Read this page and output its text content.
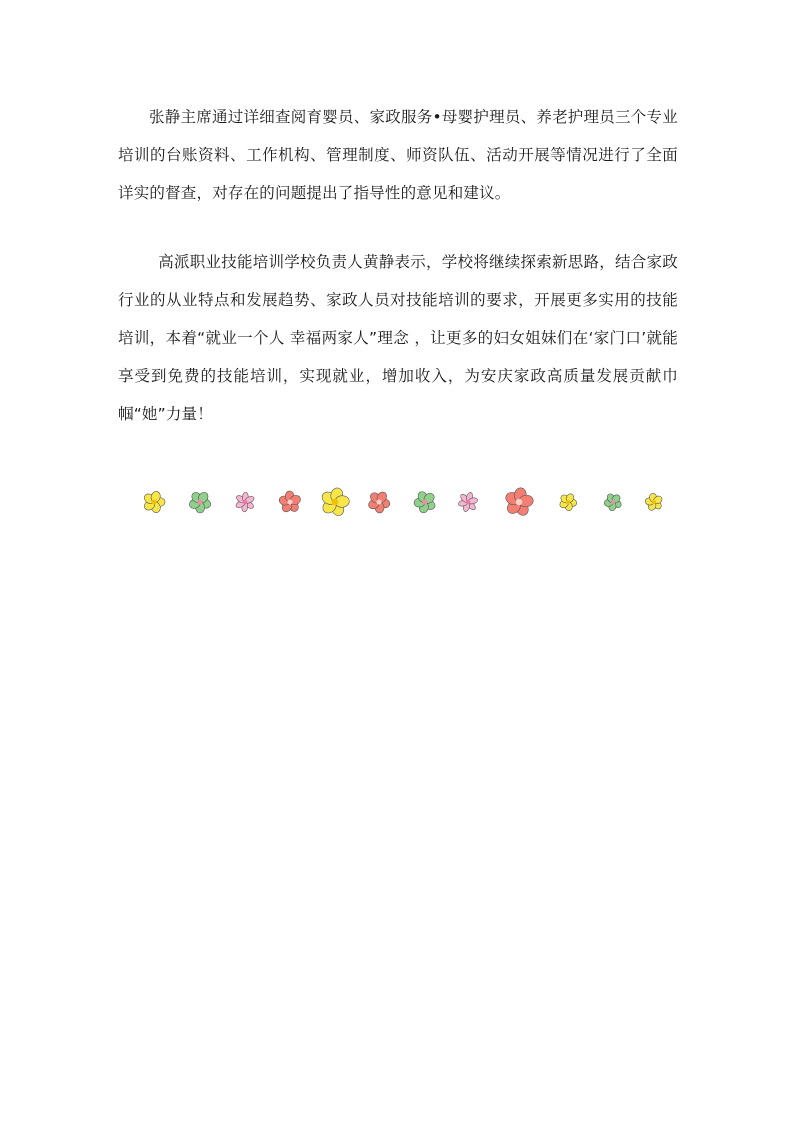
张静主席通过详细查阅育婴员、家政服务•母婴护理员、养老护理员三个专业培训的台账资料、工作机构、管理制度、师资队伍、活动开展等情况进行了全面详实的督查，对存在的问题提出了指导性的意见和建议。

高派职业技能培训学校负责人黄静表示，学校将继续探索新思路，结合家政行业的从业特点和发展趋势、家政人员对技能培训的要求，开展更多实用的技能培训，本着“就业一个人 幸福两家人”理念 ，让更多的妇女姐妹们在‘家门口’就能享受到免费的技能培训，实现就业，增加收入，为安庆家政高质量发展贡献巾帼“她”力量！
